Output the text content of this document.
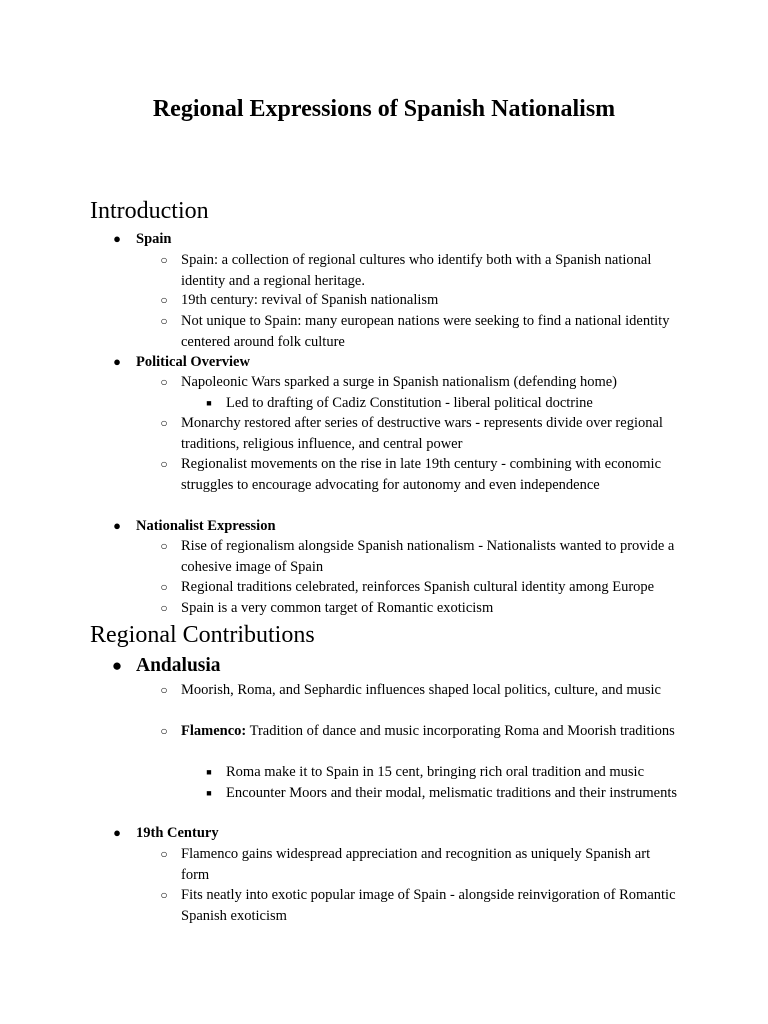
Regional Expressions of Spanish Nationalism
Introduction
● Spain
○ Spain: a collection of regional cultures who identify both with a Spanish national identity and a regional heritage.
○ 19th century: revival of Spanish nationalism
○ Not unique to Spain: many european nations were seeking to find a national identity centered around folk culture
● Political Overview
○ Napoleonic Wars sparked a surge in Spanish nationalism (defending home)
■ Led to drafting of Cadiz Constitution - liberal political doctrine
○ Monarchy restored after series of destructive wars - represents divide over regional traditions, religious influence, and central power
○ Regionalist movements on the rise in late 19th century - combining with economic struggles to encourage advocating for autonomy and even independence
● Nationalist Expression
○ Rise of regionalism alongside Spanish nationalism - Nationalists wanted to provide a cohesive image of Spain
○ Regional traditions celebrated, reinforces Spanish cultural identity among Europe
○ Spain is a very common target of Romantic exoticism
Regional Contributions
● Andalusia
○ Moorish, Roma, and Sephardic influences shaped local politics, culture, and music
○ Flamenco: Tradition of dance and music incorporating Roma and Moorish traditions
■ Roma make it to Spain in 15 cent, bringing rich oral tradition and music
■ Encounter Moors and their modal, melismatic traditions and their instruments
● 19th Century
○ Flamenco gains widespread appreciation and recognition as uniquely Spanish art form
○ Fits neatly into exotic popular image of Spain - alongside reinvigoration of Romantic Spanish exoticism
